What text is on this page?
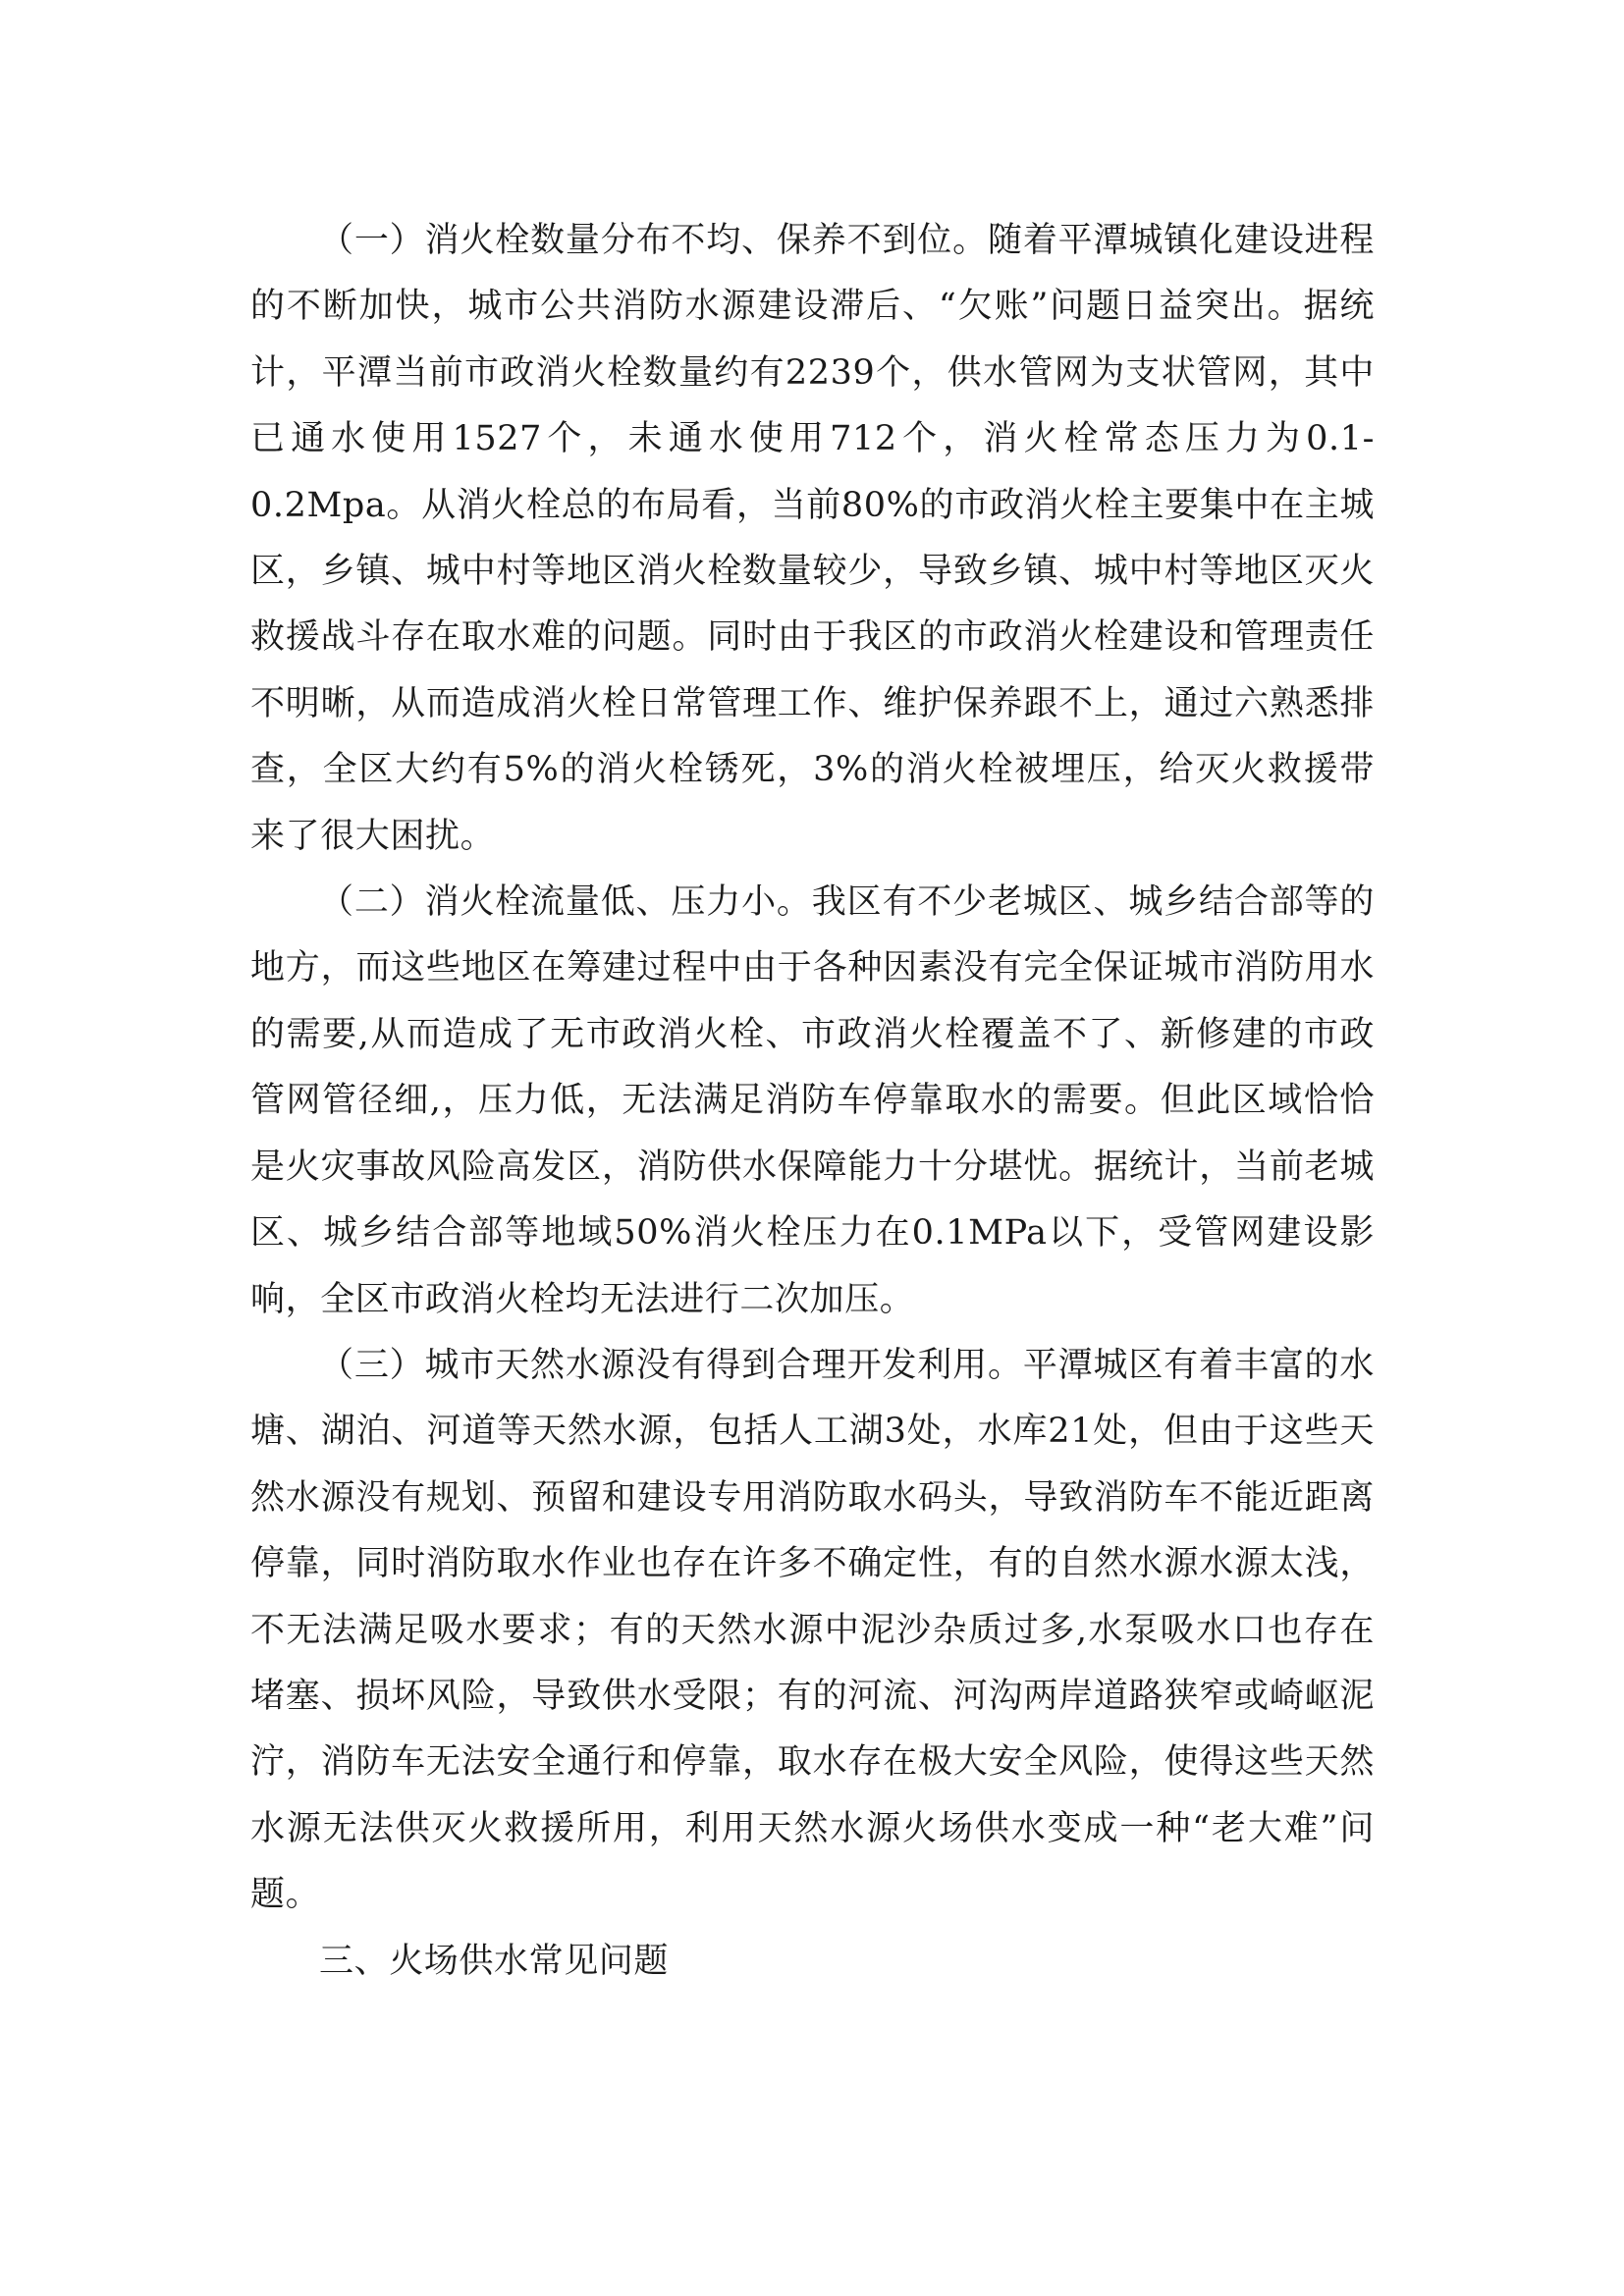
（一）消火栓数量分布不均、保养不到位。随着平潭城镇化建设进程的不断加快，城市公共消防水源建设滞后、“欠账”问题日益突出。据统计，平潭当前市政消火栓数量约有2239个，供水管网为支状管网，其中已通水使用1527个，未通水使用712个，消火栓常态压力为0.1-0.2Mpa。从消火栓总的布局看，当前80%的市政消火栓主要集中在主城区，乡镇、城中村等地区消火栓数量较少，导致乡镇、城中村等地区灭火救援战斗存在取水难的问题。同时由于我区的市政消火栓建设和管理责任不明晰，从而造成消火栓日常管理工作、维护保养跟不上，通过六熟悉排查，全区大约有5%的消火栓锈死，3%的消火栓被埋压，给灭火救援带来了很大困扰。

（二）消火栓流量低、压力小。我区有不少老城区、城乡结合部等的地方，而这些地区在筹建过程中由于各种因素没有完全保证城市消防用水的需要,从而造成了无市政消火栓、市政消火栓覆盖不了、新修建的市政管网管径细,，压力低，无法满足消防车停靠取水的需要。但此区域恰恰是火灾事故风险高发区，消防供水保障能力十分堪忧。据统计，当前老城区、城乡结合部等地域50%消火栓压力在0.1MPa以下，受管网建设影响，全区市政消火栓均无法进行二次加压。

（三）城市天然水源没有得到合理开发利用。平潭城区有着丰富的水塘、湖泊、河道等天然水源，包括人工湖3处，水库21处，但由于这些天然水源没有规划、预留和建设专用消防取水码头，导致消防车不能近距离停靠，同时消防取水作业也存在许多不确定性，有的自然水源水源太浅，不无法满足吸水要求；有的天然水源中泥沙杂质过多,水泵吸水口也存在堵塞、损坏风险，导致供水受限；有的河流、河沟两岸道路狭窄或崎岖泥泞，消防车无法安全通行和停靠，取水存在极大安全风险，使得这些天然水源无法供灭火救援所用，利用天然水源火场供水变成一种“老大难”问题。

三、火场供水常见问题
